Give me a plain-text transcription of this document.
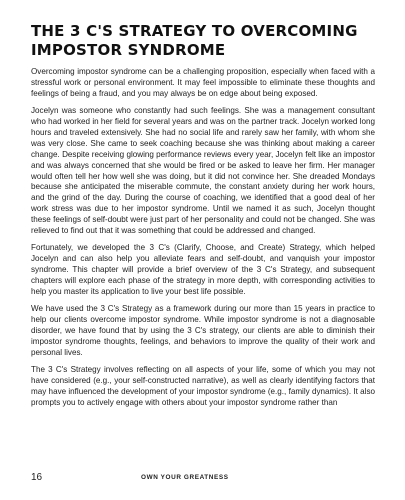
THE 3 C'S STRATEGY TO OVERCOMING IMPOSTOR SYNDROME

Overcoming impostor syndrome can be a challenging proposition, especially when faced with a stressful work or personal environment. It may feel impossible to eliminate these thoughts and feelings of being a fraud, and you may always be on edge about being exposed.

Jocelyn was someone who constantly had such feelings. She was a management consultant who had worked in her field for several years and was on the partner track. Jocelyn worked long hours and traveled extensively. She had no social life and rarely saw her family, with whom she was very close. She came to seek coaching because she was thinking about making a career change. Despite receiving glowing performance reviews every year, Jocelyn felt like an impostor and was always concerned that she would be fired or be asked to leave her firm. Her manager would often tell her how well she was doing, but it did not convince her. She dreaded Mondays because she anticipated the miserable commute, the constant anxiety during her work hours, and the grind of the day. During the course of coaching, we identified that a good deal of her work stress was due to her impostor syndrome. Until we named it as such, Jocelyn thought these feelings of self-doubt were just part of her personality and could not be changed. She was relieved to find out that it was something that could be addressed and changed.

Fortunately, we developed the 3 C's (Clarify, Choose, and Create) Strategy, which helped Jocelyn and can also help you alleviate fears and self-doubt, and vanquish your impostor syndrome. This chapter will provide a brief overview of the 3 C's Strategy, and subsequent chapters will explore each phase of the strategy in more depth, with corresponding activities to help you master its application to live your best life possible.

We have used the 3 C's Strategy as a framework during our more than 15 years in practice to help our clients overcome impostor syndrome. While impostor syndrome is not a diagnosable disorder, we have found that by using the 3 C's strategy, our clients are able to diminish their impostor syndrome thoughts, feelings, and behaviors to improve the quality of their work and personal lives.

The 3 C's Strategy involves reflecting on all aspects of your life, some of which you may not have considered (e.g., your self-constructed narrative), as well as clearly identifying factors that may have influenced the development of your impostor syndrome (e.g., family dynamics). It also prompts you to actively engage with others about your impostor syndrome rather than

16	OWN YOUR GREATNESS
